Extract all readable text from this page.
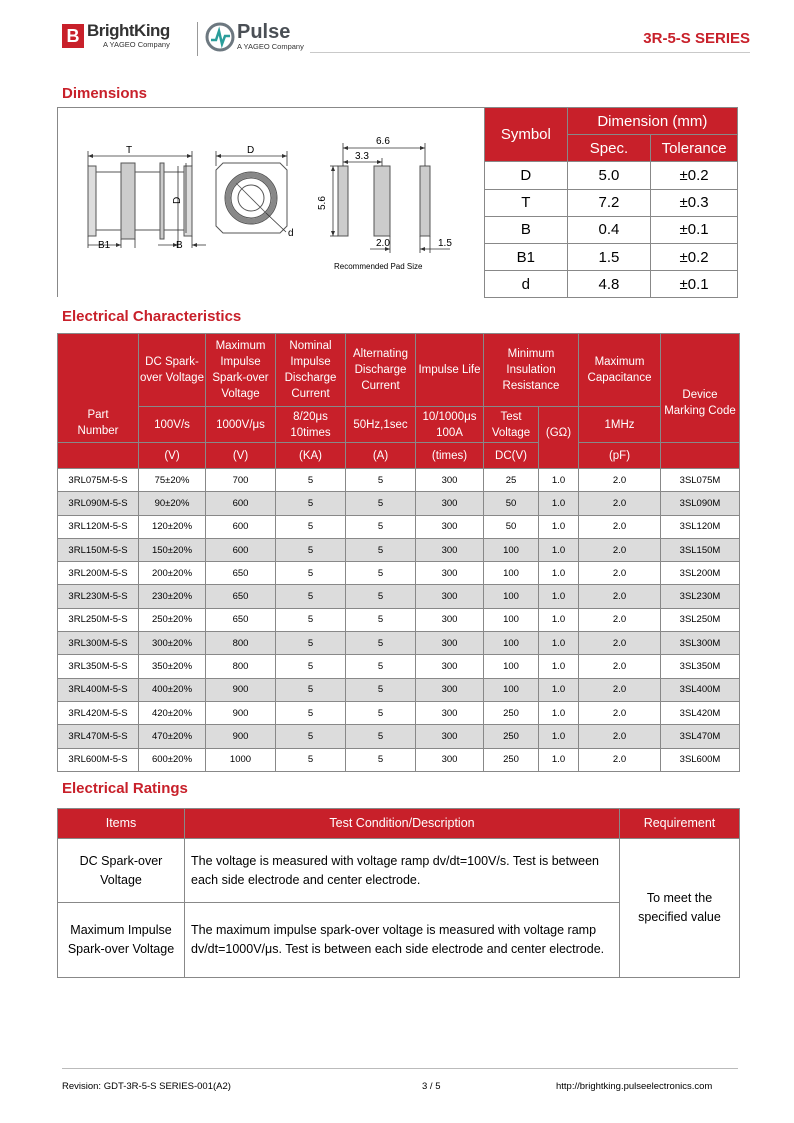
B BrightKing
A YAGEO Company
Pulse
A YAGEO Company	3R-5-S SERIES
Dimensions
T
B1	B
d
D
D
6.6
3.3
5.6
2.0	1.5
Recommended Pad Size
Symbol	Dimension (mm)	
	Spec.	Tolerance
D	5.0	±0.2
T	7.2	±0.3
B	0.4	±0.1
B1	1.5	±0.2
d	4.8	±0.1
Electrical Characteristics
Part
Number	DC Spark-over Voltage	Maximum Impulse Spark-over Voltage	Nominal Impulse Discharge Current	Alternating Discharge Current	Impulse Life	Minimum Insulation Resistance		Maximum Capacitance	Device Marking Code
	100V/s	1000V/μs	8/20μs 10times	50Hz,1sec	10/1000μs 100A	Test Voltage	(GΩ)	1MHz	
	(V)	(V)	(KA)	(A)	(times)	DC(V)		(pF)	
3RL075M-5-S	75±20%	700	5	5	300	25	1.0	2.0	3SL075M
3RL090M-5-S	90±20%	600	5	5	300	50	1.0	2.0	3SL090M
3RL120M-5-S	120±20%	600	5	5	300	50	1.0	2.0	3SL120M
3RL150M-5-S	150±20%	600	5	5	300	100	1.0	2.0	3SL150M
3RL200M-5-S	200±20%	650	5	5	300	100	1.0	2.0	3SL200M
3RL230M-5-S	230±20%	650	5	5	300	100	1.0	2.0	3SL230M
3RL250M-5-S	250±20%	650	5	5	300	100	1.0	2.0	3SL250M
3RL300M-5-S	300±20%	800	5	5	300	100	1.0	2.0	3SL300M
3RL350M-5-S	350±20%	800	5	5	300	100	1.0	2.0	3SL350M
3RL400M-5-S	400±20%	900	5	5	300	100	1.0	2.0	3SL400M
3RL420M-5-S	420±20%	900	5	5	300	250	1.0	2.0	3SL420M
3RL470M-5-S	470±20%	900	5	5	300	250	1.0	2.0	3SL470M
3RL600M-5-S	600±20%	1000	5	5	300	250	1.0	2.0	3SL600M
Electrical Ratings
Items	Test Condition/Description	Requirement
DC Spark-over Voltage	The voltage is measured with voltage ramp dv/dt=100V/s. Test is between each side electrode and center electrode.	To meet the specified value
Maximum Impulse Spark-over Voltage	The maximum impulse spark-over voltage is measured with voltage ramp dv/dt=1000V/μs. Test is between each side electrode and center electrode.	
Revision: GDT-3R-5-S SERIES-001(A2)	3 / 5	http://brightking.pulseelectronics.com
